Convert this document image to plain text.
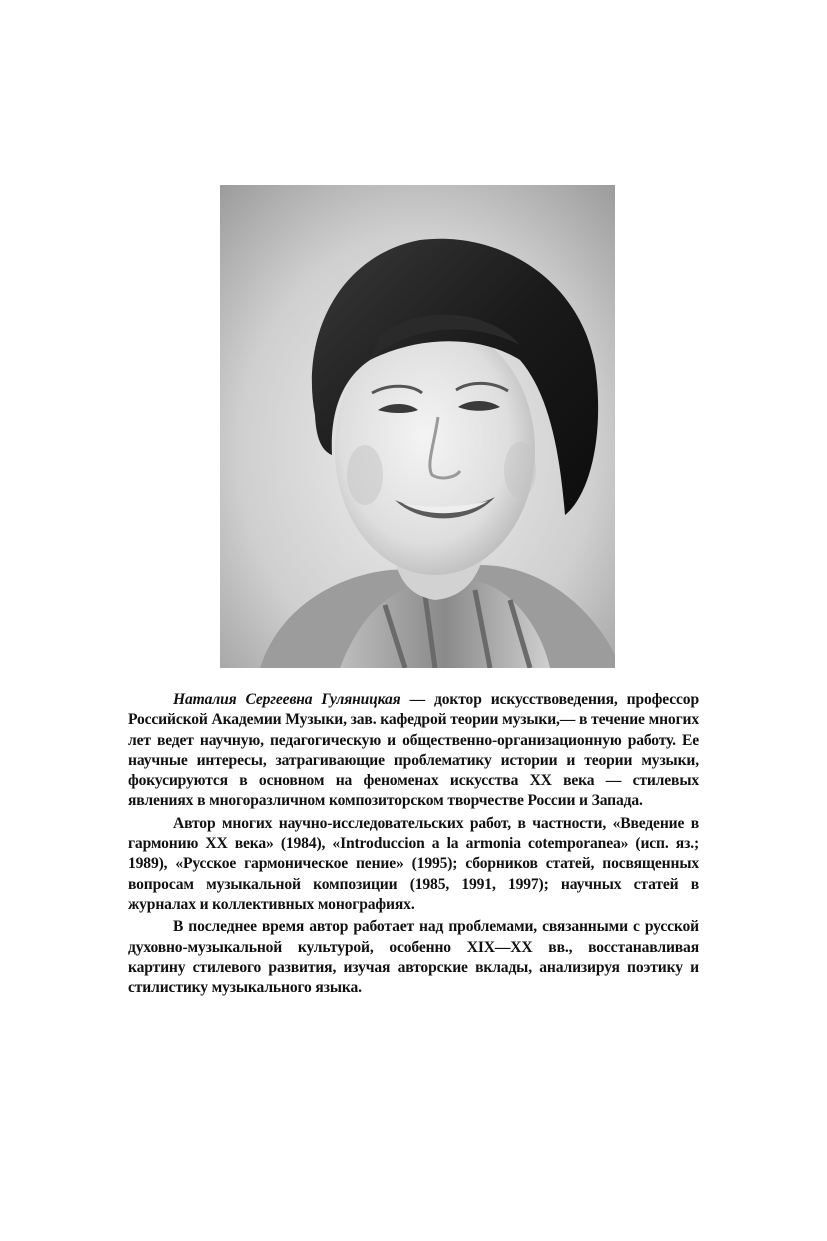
Наталия Сергеевна Гуляницкая — доктор искусствоведения, профессор Российской Академии Музыки, зав. кафедрой теории музыки,— в течение многих лет ведет научную, педагогическую и общественно-организационную работу. Ее научные интересы, затрагивающие проблематику истории и теории музыки, фокусируются в основном на феноменах искусства XX века — стилевых явлениях в многоразличном композиторском творчестве России и Запада.

Автор многих научно-исследовательских работ, в частности, «Введение в гармонию XX века» (1984), «Introduccion a la armonia cotemporanea» (исп. яз.; 1989), «Русское гармоническое пение» (1995); сборников статей, посвященных вопросам музыкальной композиции (1985, 1991, 1997); научных статей в журналах и коллективных монографиях.

В последнее время автор работает над проблемами, связанными с русской духовно-музыкальной культурой, особенно XIX—XX вв., восстанавливая картину стилевого развития, изучая авторские вклады, анализируя поэтику и стилистику музыкального языка.
